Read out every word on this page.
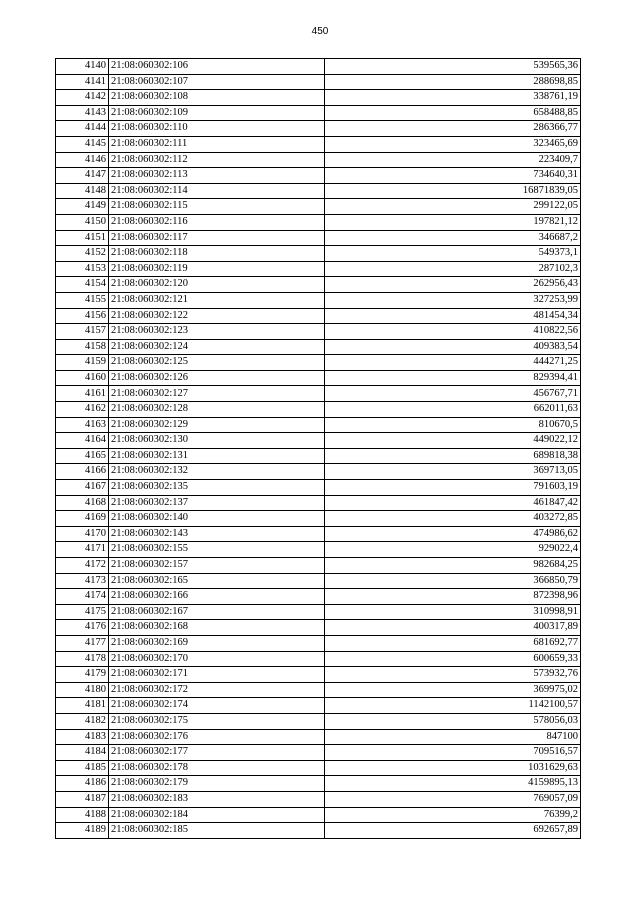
450
4140	21:08:060302:106	539565,36
4141	21:08:060302:107	288698,85
4142	21:08:060302:108	338761,19
4143	21:08:060302:109	658488,85
4144	21:08:060302:110	286366,77
4145	21:08:060302:111	323465,69
4146	21:08:060302:112	223409,7
4147	21:08:060302:113	734640,31
4148	21:08:060302:114	16871839,05
4149	21:08:060302:115	299122,05
4150	21:08:060302:116	197821,12
4151	21:08:060302:117	346687,2
4152	21:08:060302:118	549373,1
4153	21:08:060302:119	287102,3
4154	21:08:060302:120	262956,43
4155	21:08:060302:121	327253,99
4156	21:08:060302:122	481454,34
4157	21:08:060302:123	410822,56
4158	21:08:060302:124	409383,54
4159	21:08:060302:125	444271,25
4160	21:08:060302:126	829394,41
4161	21:08:060302:127	456767,71
4162	21:08:060302:128	662011,63
4163	21:08:060302:129	810670,5
4164	21:08:060302:130	449022,12
4165	21:08:060302:131	689818,38
4166	21:08:060302:132	369713,05
4167	21:08:060302:135	791603,19
4168	21:08:060302:137	461847,42
4169	21:08:060302:140	403272,85
4170	21:08:060302:143	474986,62
4171	21:08:060302:155	929022,4
4172	21:08:060302:157	982684,25
4173	21:08:060302:165	366850,79
4174	21:08:060302:166	872398,96
4175	21:08:060302:167	310998,91
4176	21:08:060302:168	400317,89
4177	21:08:060302:169	681692,77
4178	21:08:060302:170	600659,33
4179	21:08:060302:171	573932,76
4180	21:08:060302:172	369975,02
4181	21:08:060302:174	1142100,57
4182	21:08:060302:175	578056,03
4183	21:08:060302:176	847100
4184	21:08:060302:177	709516,57
4185	21:08:060302:178	1031629,63
4186	21:08:060302:179	4159895,13
4187	21:08:060302:183	769057,09
4188	21:08:060302:184	76399,2
4189	21:08:060302:185	692657,89
